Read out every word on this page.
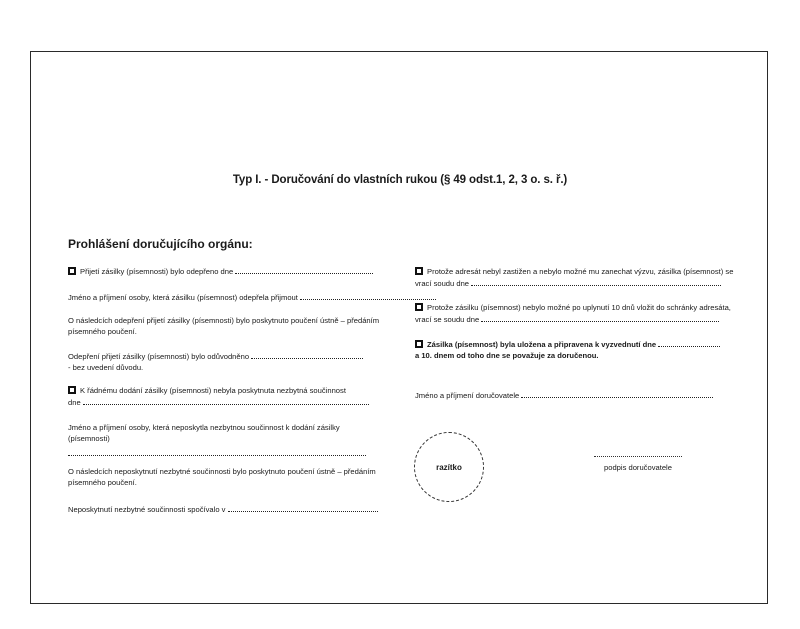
Typ I. - Doručování do vlastních rukou (§ 49 odst.1, 2, 3 o. s. ř.)
Prohlášení doručujícího orgánu:
Přijetí zásilky (písemnosti) bylo odepřeno dne
Jméno a příjmení osoby, která zásilku (písemnost) odepřela přijmout
O následcích odepření přijetí zásilky (písemnosti) bylo poskytnuto poučení ústně – předáním
písemného poučení.
Odepření přijetí zásilky (písemnosti) bylo odůvodněno
- bez uvedení důvodu.
K řádnému dodání zásilky (písemnosti) nebyla poskytnuta nezbytná součinnost
dne
Jméno a příjmení osoby, která neposkytla nezbytnou součinnost k dodání zásilky
(písemnosti)
O následcích neposkytnutí nezbytné součinnosti bylo poskytnuto poučení ústně – předáním
písemného poučení.
Neposkytnutí nezbytné součinnosti spočívalo v
Protože adresát nebyl zastižen a nebylo možné mu zanechat výzvu, zásilka (písemnost) se
vrací soudu dne
Protože zásilku (písemnost) nebylo možné po uplynutí 10 dnů vložit do schránky adresáta,
vrací se soudu dne
Zásilka (písemnost) byla uložena a připravena k vyzvednutí dne
a 10. dnem od toho dne se považuje za doručenou.
Jméno a příjmení doručovatele
razítko	podpis doručovatele
